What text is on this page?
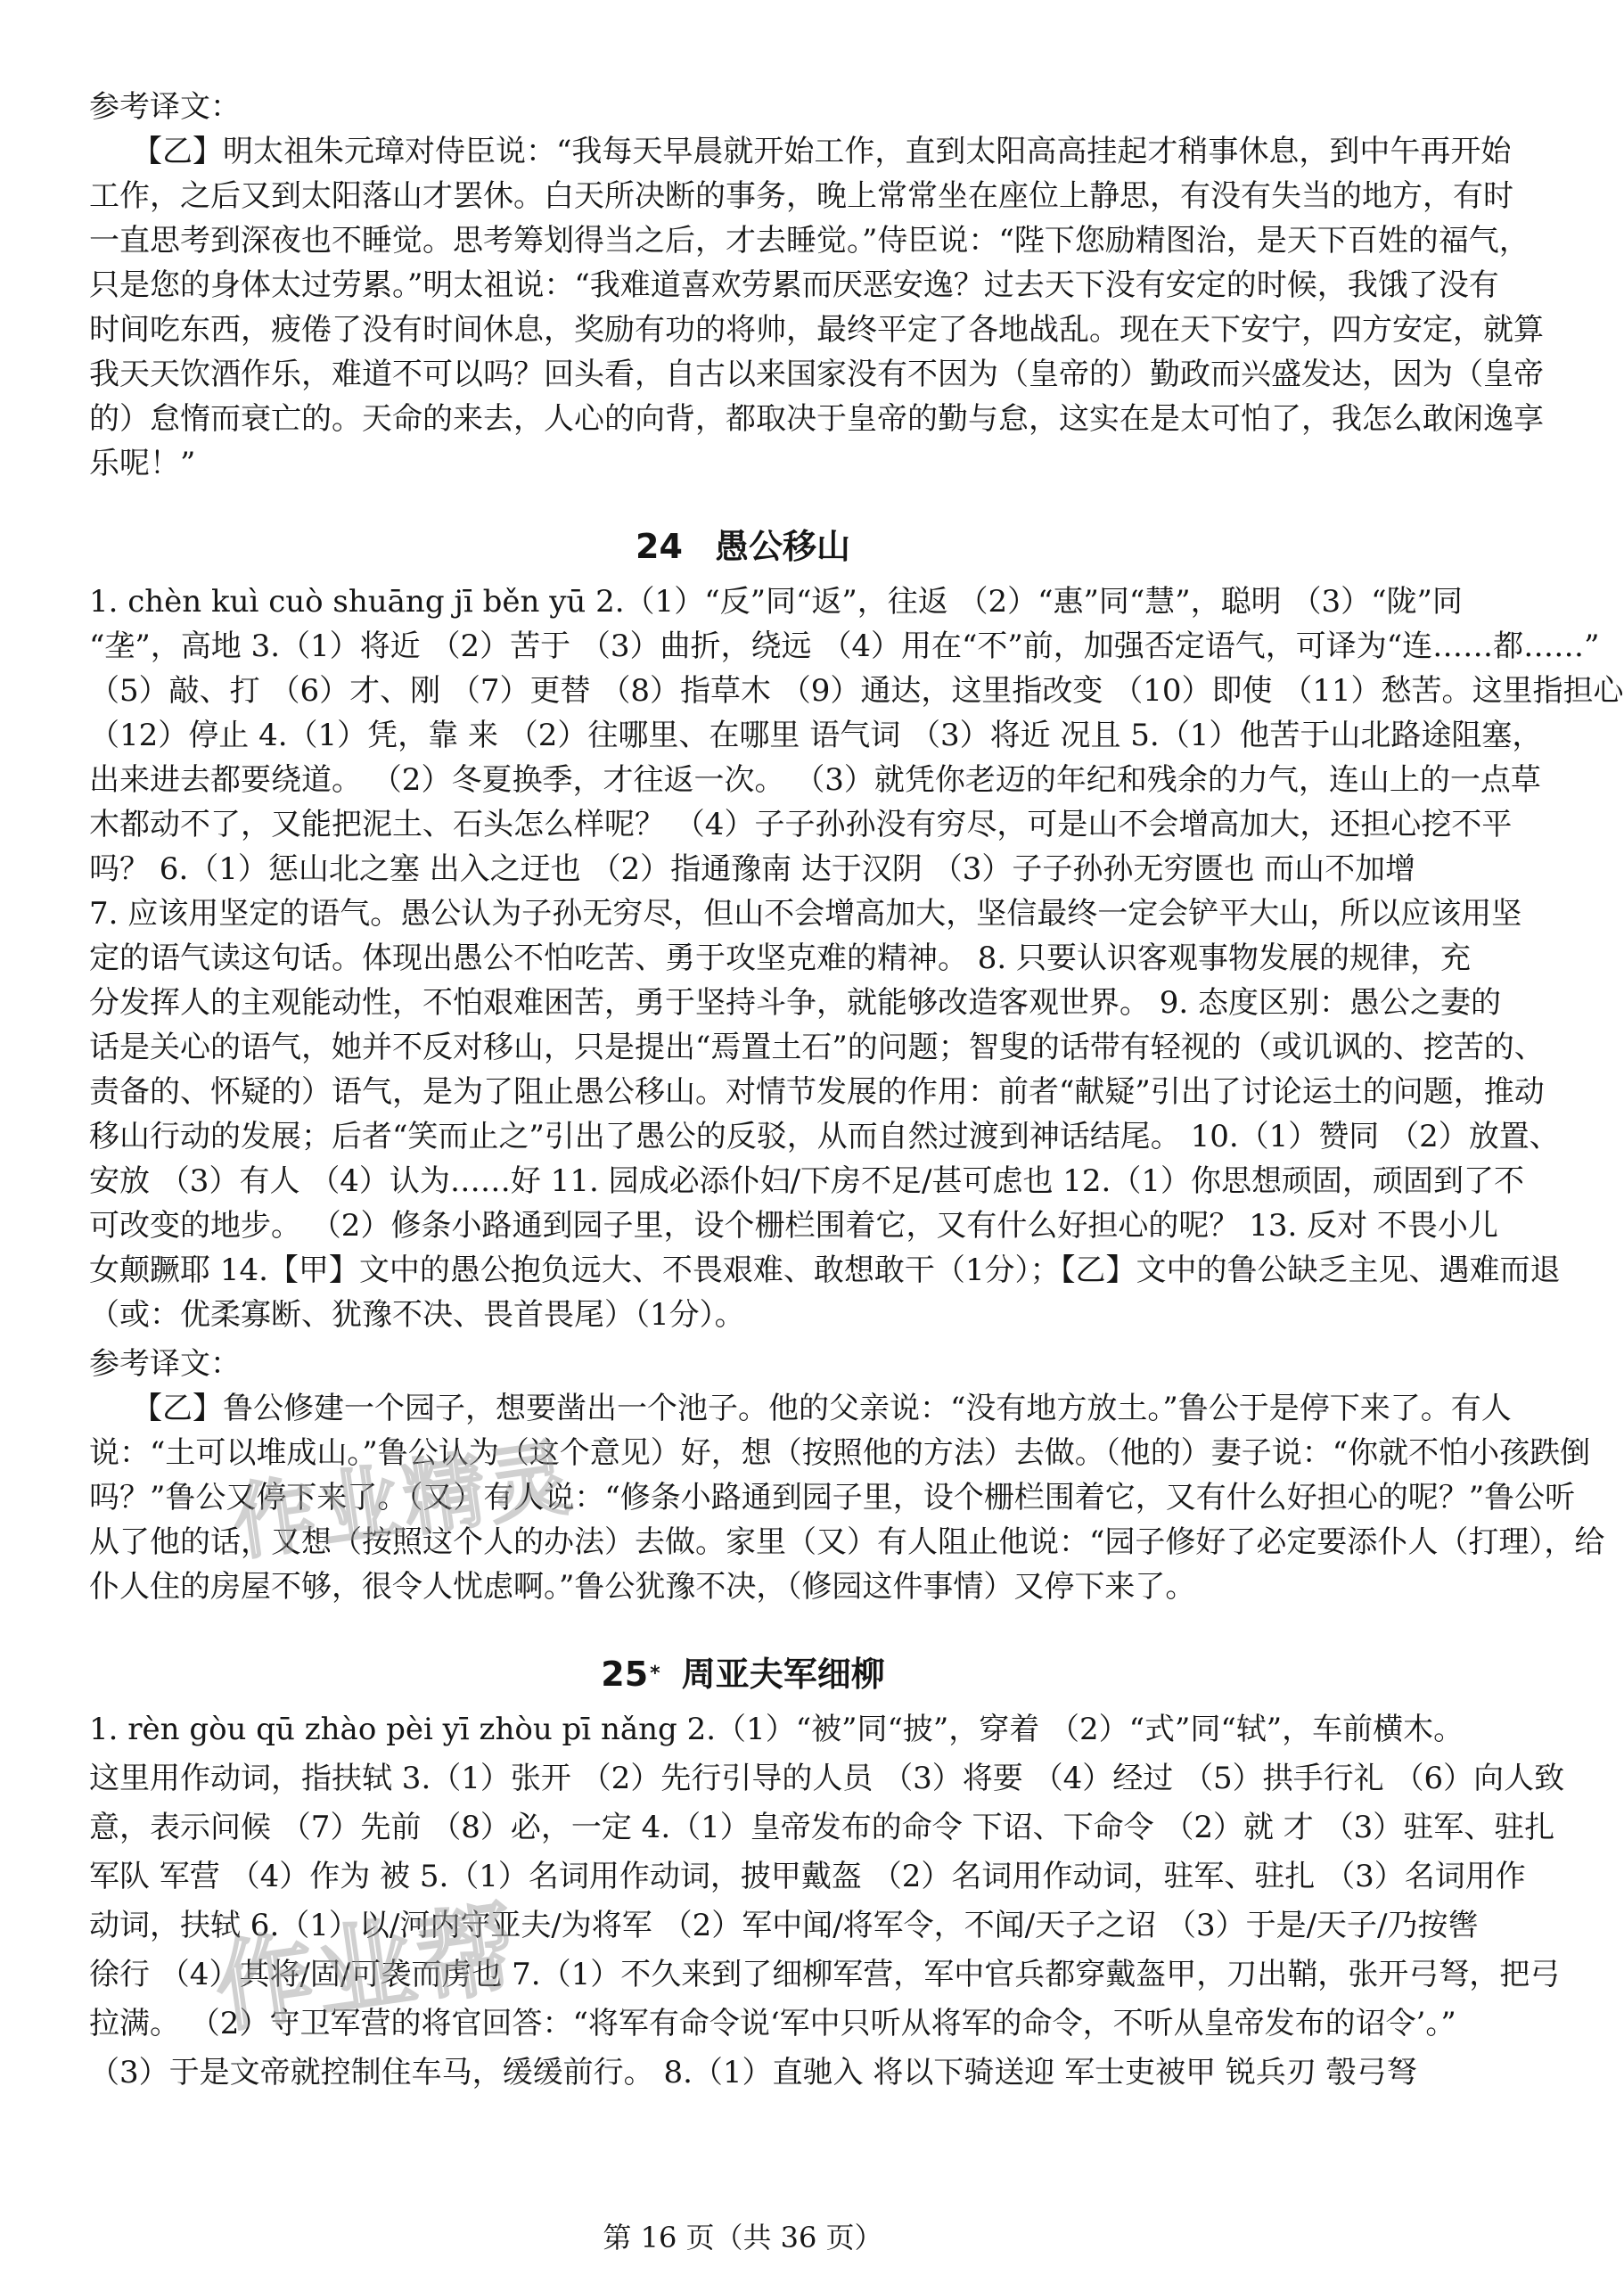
参考译文：
【乙】明太祖朱元璋对侍臣说：“我每天早晨就开始工作，直到太阳高高挂起才稍事休息，到中午再开始
工作，之后又到太阳落山才罢休。白天所决断的事务，晚上常常坐在座位上静思，有没有失当的地方，有时
一直思考到深夜也不睡觉。思考筹划得当之后，才去睡觉。”侍臣说：“陛下您励精图治，是天下百姓的福气，
只是您的身体太过劳累。”明太祖说：“我难道喜欢劳累而厌恶安逸？过去天下没有安定的时候，我饿了没有
时间吃东西，疲倦了没有时间休息，奖励有功的将帅，最终平定了各地战乱。现在天下安宁，四方安定，就算
我天天饮酒作乐，难道不可以吗？回头看，自古以来国家没有不因为（皇帝的）勤政而兴盛发达，因为（皇帝
的）怠惰而衰亡的。天命的来去，人心的向背，都取决于皇帝的勤与怠，这实在是太可怕了，我怎么敢闲逸享
乐呢！”
24 愚公移山
1. chèn kuì cuò shuāng jī běn yū 2.（1）“反”同“返”，往返 （2）“惠”同“慧”，聪明 （3）“陇”同
“垄”，高地 3.（1）将近 （2）苦于 （3）曲折，绕远 （4）用在“不”前，加强否定语气，可译为“连……都……”
（5）敲、打 （6）才、刚 （7）更替 （8）指草木 （9）通达，这里指改变 （10）即使 （11）愁苦。这里指担心
（12）停止 4.（1）凭，靠 来 （2）往哪里、在哪里 语气词 （3）将近 况且 5.（1）他苦于山北路途阻塞，
出来进去都要绕道。 （2）冬夏换季，才往返一次。 （3）就凭你老迈的年纪和残余的力气，连山上的一点草
木都动不了，又能把泥土、石头怎么样呢？ （4）子子孙孙没有穷尽，可是山不会增高加大，还担心挖不平
吗？ 6.（1）惩山北之塞 出入之迂也 （2）指通豫南 达于汉阴 （3）子子孙孙无穷匮也 而山不加增
7. 应该用坚定的语气。愚公认为子孙无穷尽，但山不会增高加大，坚信最终一定会铲平大山，所以应该用坚
定的语气读这句话。体现出愚公不怕吃苦、勇于攻坚克难的精神。 8. 只要认识客观事物发展的规律，充
分发挥人的主观能动性，不怕艰难困苦，勇于坚持斗争，就能够改造客观世界。 9. 态度区别：愚公之妻的
话是关心的语气，她并不反对移山，只是提出“焉置土石”的问题；智叟的话带有轻视的（或讥讽的、挖苦的、
责备的、怀疑的）语气，是为了阻止愚公移山。对情节发展的作用：前者“献疑”引出了讨论运土的问题，推动
移山行动的发展；后者“笑而止之”引出了愚公的反驳，从而自然过渡到神话结尾。 10.（1）赞同 （2）放置、
安放 （3）有人 （4）认为……好 11. 园成必添仆妇/下房不足/甚可虑也 12.（1）你思想顽固，顽固到了不
可改变的地步。 （2）修条小路通到园子里，设个栅栏围着它，又有什么好担心的呢？ 13. 反对 不畏小儿
女颠蹶耶 14.【甲】文中的愚公抱负远大、不畏艰难、敢想敢干（1分）；【乙】文中的鲁公缺乏主见、遇难而退
（或：优柔寡断、犹豫不决、畏首畏尾）（1分）。
参考译文：
【乙】鲁公修建一个园子，想要凿出一个池子。他的父亲说：“没有地方放土。”鲁公于是停下来了。有人
说：“土可以堆成山。”鲁公认为（这个意见）好，想（按照他的方法）去做。（他的）妻子说：“你就不怕小孩跌倒
吗？”鲁公又停下来了。（又）有人说：“修条小路通到园子里，设个栅栏围着它，又有什么好担心的呢？”鲁公听
从了他的话，又想（按照这个人的办法）去做。家里（又）有人阻止他说：“园子修好了必定要添仆人（打理），给
仆人住的房屋不够，很令人忧虑啊。”鲁公犹豫不决，（修园这件事情）又停下来了。
25* 周亚夫军细柳
1. rèn gòu qū zhào pèi yī zhòu pī nǎng 2.（1）“被”同“披”，穿着 （2）“式”同“轼”，车前横木。
这里用作动词，指扶轼 3.（1）张开 （2）先行引导的人员 （3）将要 （4）经过 （5）拱手行礼 （6）向人致
意，表示问候 （7）先前 （8）必，一定 4.（1）皇帝发布的命令 下诏、下命令 （2）就 才 （3）驻军、驻扎
军队 军营 （4）作为 被 5.（1）名词用作动词，披甲戴盔 （2）名词用作动词，驻军、驻扎 （3）名词用作
动词，扶轼 6.（1）以/河内守亚夫/为将军 （2）军中闻/将军令，不闻/天子之诏 （3）于是/天子/乃按辔
徐行 （4）其将/固/可袭而虏也 7.（1）不久来到了细柳军营，军中官兵都穿戴盔甲，刀出鞘，张开弓弩，把弓
拉满。 （2）守卫军营的将官回答：“将军有命令说‘军中只听从将军的命令，不听从皇帝发布的诏令’。”
（3）于是文帝就控制住车马，缓缓前行。 8.（1）直驰入 将以下骑送迎 军士吏被甲 锐兵刃 彀弓弩
作业精灵
作业帮
第 16 页（共 36 页）
